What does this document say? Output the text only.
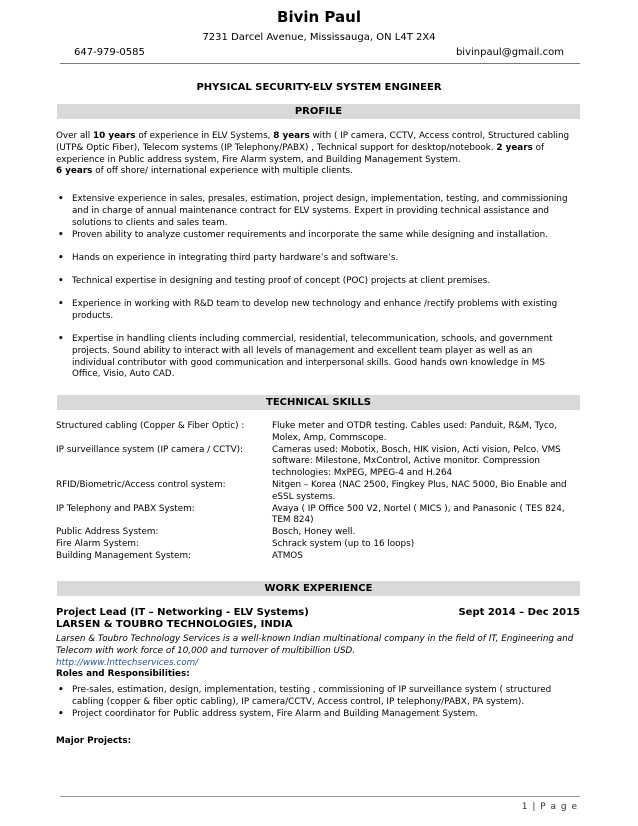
Bivin Paul
7231 Darcel Avenue, Mississauga, ON L4T 2X4
647-979-0585	bivinpaul@gmail.com
PHYSICAL SECURITY-ELV SYSTEM ENGINEER
PROFILE
Over all 10 years of experience in ELV Systems, 8 years with ( IP camera, CCTV, Access control, Structured cabling (UTP& Optic Fiber), Telecom systems (IP Telephony/PABX) , Technical support for desktop/notebook. 2 years of experience in Public address system, Fire Alarm system, and Building Management System.
6 years of off shore/ international experience with multiple clients.
• Extensive experience in sales, presales, estimation, project design, implementation, testing, and commissioning and in charge of annual maintenance contract for ELV systems. Expert in providing technical assistance and solutions to clients and sales team.
• Proven ability to analyze customer requirements and incorporate the same while designing and installation.
• Hands on experience in integrating third party hardware’s and software’s.
• Technical expertise in designing and testing proof of concept (POC) projects at client premises.
• Experience in working with R&D team to develop new technology and enhance /rectify problems with existing products.
• Expertise in handling clients including commercial, residential, telecommunication, schools, and government projects. Sound ability to interact with all levels of management and excellent team player as well as an individual contributor with good communication and interpersonal skills. Good hands own knowledge in MS Office, Visio, Auto CAD.
TECHNICAL SKILLS
Structured cabling (Copper & Fiber Optic) :	Fluke meter and OTDR testing. Cables used: Panduit, R&M, Tyco, Molex, Amp, Commscope.
IP surveillance system (IP camera / CCTV):	Cameras used: Mobotix, Bosch, HIK vision, Acti vision, Pelco. VMS software: Milestone, MxControl, Active monitor. Compression technologies: MxPEG, MPEG-4 and H.264
RFID/Biometric/Access control system:	Nitgen – Korea (NAC 2500, Fingkey Plus, NAC 5000, Bio Enable and eSSL systems.
IP Telephony and PABX System:	Avaya ( IP Office 500 V2, Nortel ( MICS ), and Panasonic ( TES 824, TEM 824)
Public Address System:	Bosch, Honey well.
Fire Alarm System:	Schrack system (up to 16 loops)
Building Management System:	ATMOS
WORK EXPERIENCE
Project Lead (IT – Networking - ELV Systems)	Sept 2014 – Dec 2015
LARSEN & TOUBRO TECHNOLOGIES, INDIA
Larsen & Toubro Technology Services is a well-known Indian multinational company in the field of IT, Engineering and Telecom with work force of 10,000 and turnover of multibillion USD.
http://www.lnttechservices.com/
Roles and Responsibilities:
• Pre-sales, estimation, design, implementation, testing , commissioning of IP surveillance system ( structured cabling (copper & fiber optic cabling), IP camera/CCTV, Access control, IP telephony/PABX, PA system).
• Project coordinator for Public address system, Fire Alarm and Building Management System.
Major Projects:
1 | P a g e
